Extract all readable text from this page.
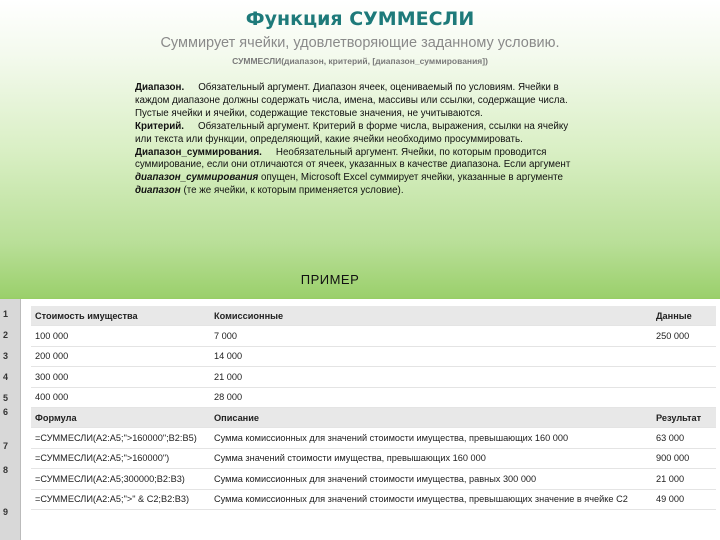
Функция СУММЕСЛИ
Суммирует ячейки, удовлетворяющие заданному условию.
СУММЕСЛИ(диапазон, критерий, [диапазон_суммирования])

Диапазон. Обязательный аргумент. Диапазон ячеек, оцениваемый по условиям. Ячейки в каждом диапазоне должны содержать числа, имена, массивы или ссылки, содержащие числа. Пустые ячейки и ячейки, содержащие текстовые значения, не учитываются.

Критерий. Обязательный аргумент. Критерий в форме числа, выражения, ссылки на ячейку или текста или функции, определяющий, какие ячейки необходимо просуммировать.

Диапазон_суммирования. Необязательный аргумент. Ячейки, по которым проводится суммирование, если они отличаются от ячеек, указанных в качестве диапазона. Если аргумент диапазон_суммирования опущен, Microsoft Excel суммирует ячейки, указанные в аргументе диапазон (те же ячейки, к которым применяется условие).

ПРИМЕР
1
2
3
4
5
6
7
8
9
Стоимость имущества	Комиссионные	Данные
100 000	7 000	250 000
200 000	14 000	
300 000	21 000	
400 000	28 000	
Формула	Описание	Результат
=СУММЕСЛИ(A2:A5;">160000";B2:B5)	Сумма комиссионных для значений стоимости имущества, превышающих 160 000	63 000
=СУММЕСЛИ(A2:A5;">160000")	Сумма значений стоимости имущества, превышающих 160 000	900 000
=СУММЕСЛИ(A2:A5;300000;B2:B3)	Сумма комиссионных для значений стоимости имущества, равных 300 000	21 000
=СУММЕСЛИ(A2:A5;">" & C2;B2:B3)	Сумма комиссионных для значений стоимости имущества, превышающих значение в ячейке C2	49 000
